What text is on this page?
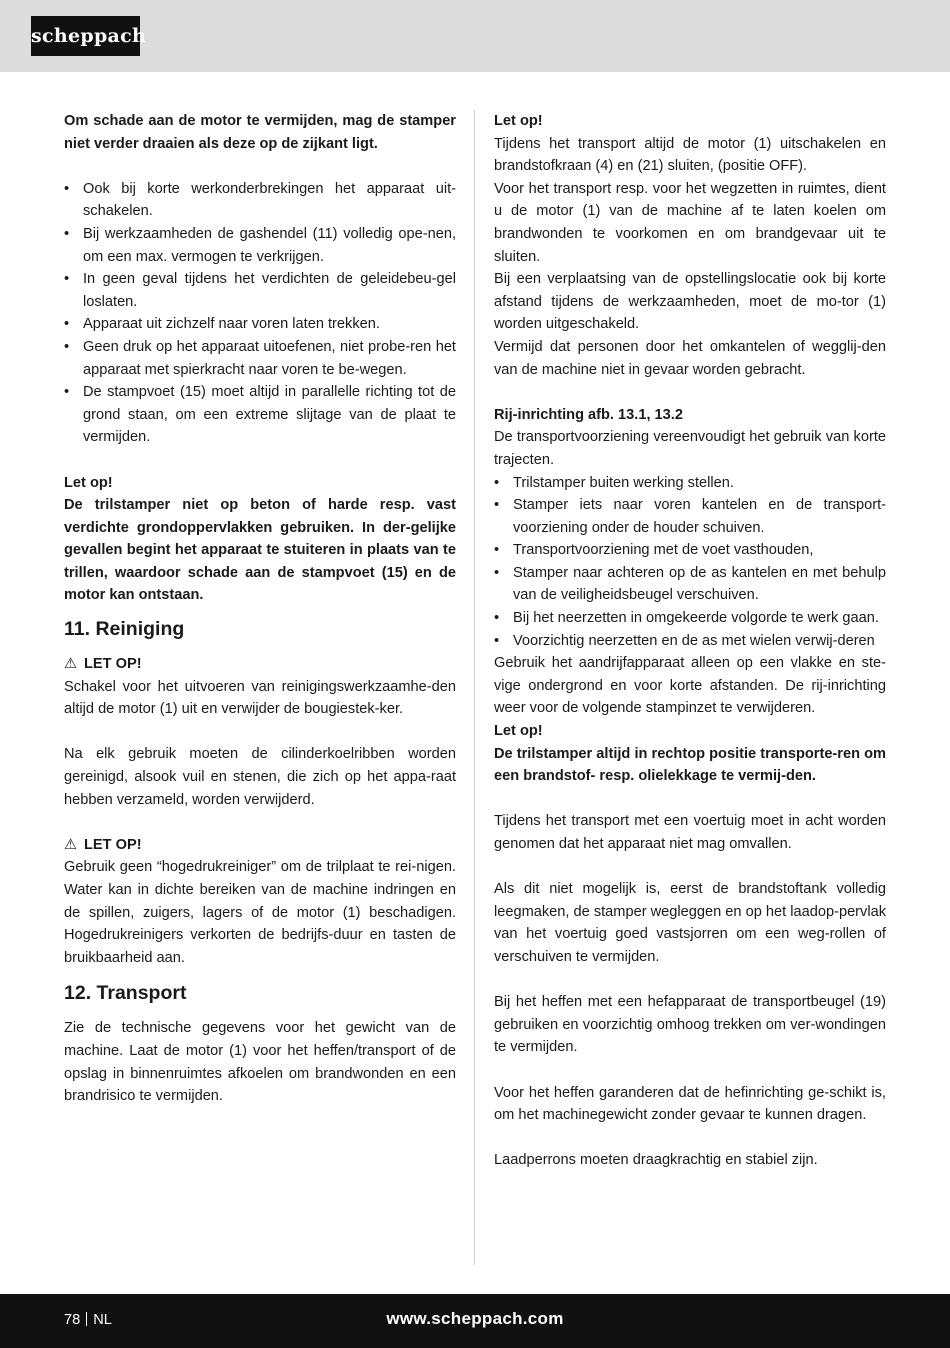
scheppach
Om schade aan de motor te vermijden, mag de stamper niet verder draaien als deze op de zijkant ligt.
• Ook bij korte werkonderbrekingen het apparaat uit-schakelen.
• Bij werkzaamheden de gashendel (11) volledig ope-nen, om een max. vermogen te verkrijgen.
• In geen geval tijdens het verdichten de geleidebeu-gel loslaten.
• Apparaat uit zichzelf naar voren laten trekken.
• Geen druk op het apparaat uitoefenen, niet probe-ren het apparaat met spierkracht naar voren te be-wegen.
• De stampvoet (15) moet altijd in parallelle richting tot de grond staan, om een extreme slijtage van de plaat te vermijden.
Let op!
De trilstamper niet op beton of harde resp. vast verdichte grondoppervlakken gebruiken. In der-gelijke gevallen begint het apparaat te stuiteren in plaats van te trillen, waardoor schade aan de stampvoet (15) en de motor kan ontstaan.
11. Reiniging
⚠ LET OP!
Schakel voor het uitvoeren van reinigingswerkzaamhe-den altijd de motor (1) uit en verwijder de bougiestek-ker.
Na elk gebruik moeten de cilinderkoelribben worden gereinigd, alsook vuil en stenen, die zich op het appa-raat hebben verzameld, worden verwijderd.
⚠ LET OP!
Gebruik geen “hogedrukreiniger” om de trilplaat te rei-nigen. Water kan in dichte bereiken van de machine indringen en de spillen, zuigers, lagers of de motor (1) beschadigen. Hogedrukreinigers verkorten de bedrijfs-duur en tasten de bruikbaarheid aan.
12. Transport
Zie de technische gegevens voor het gewicht van de machine. Laat de motor (1) voor het heffen/transport of de opslag in binnenruimtes afkoelen om brandwonden en een brandrisico te vermijden.
Let op!
Tijdens het transport altijd de motor (1) uitschakelen en brandstofkraan (4) en (21) sluiten, (positie OFF).
Voor het transport resp. voor het wegzetten in ruimtes, dient u de motor (1) van de machine af te laten koelen om brandwonden te voorkomen en om brandgevaar uit te sluiten.
Bij een verplaatsing van de opstellingslocatie ook bij korte afstand tijdens de werkzaamheden, moet de mo-tor (1) worden uitgeschakeld.
Vermijd dat personen door het omkantelen of wegglij-den van de machine niet in gevaar worden gebracht.
Rij-inrichting afb. 13.1, 13.2
De transportvoorziening vereenvoudigt het gebruik van korte trajecten.
• Trilstamper buiten werking stellen.
• Stamper iets naar voren kantelen en de transport-voorziening onder de houder schuiven.
• Transportvoorziening met de voet vasthouden,
• Stamper naar achteren op de as kantelen en met behulp van de veiligheidsbeugel verschuiven.
• Bij het neerzetten in omgekeerde volgorde te werk gaan.
• Voorzichtig neerzetten en de as met wielen verwij-deren
Gebruik het aandrijfapparaat alleen op een vlakke en ste-vige ondergrond en voor korte afstanden. De rij-inrichting weer voor de volgende stampinzet te verwijderen.
Let op!
De trilstamper altijd in rechtop positie transporte-ren om een brandstof- resp. olielekkage te vermij-den.
Tijdens het transport met een voertuig moet in acht worden genomen dat het apparaat niet mag omvallen.
Als dit niet mogelijk is, eerst de brandstoftank volledig leegmaken, de stamper wegleggen en op het laadop-pervlak van het voertuig goed vastsjorren om een weg-rollen of verschuiven te vermijden.
Bij het heffen met een hefapparaat de transportbeugel (19) gebruiken en voorzichtig omhoog trekken om ver-wondingen te vermijden.
Voor het heffen garanderen dat de hefinrichting ge-schikt is, om het machinegewicht zonder gevaar te kunnen dragen.
Laadperrons moeten draagkrachtig en stabiel zijn.
78 NL	www.scheppach.com
